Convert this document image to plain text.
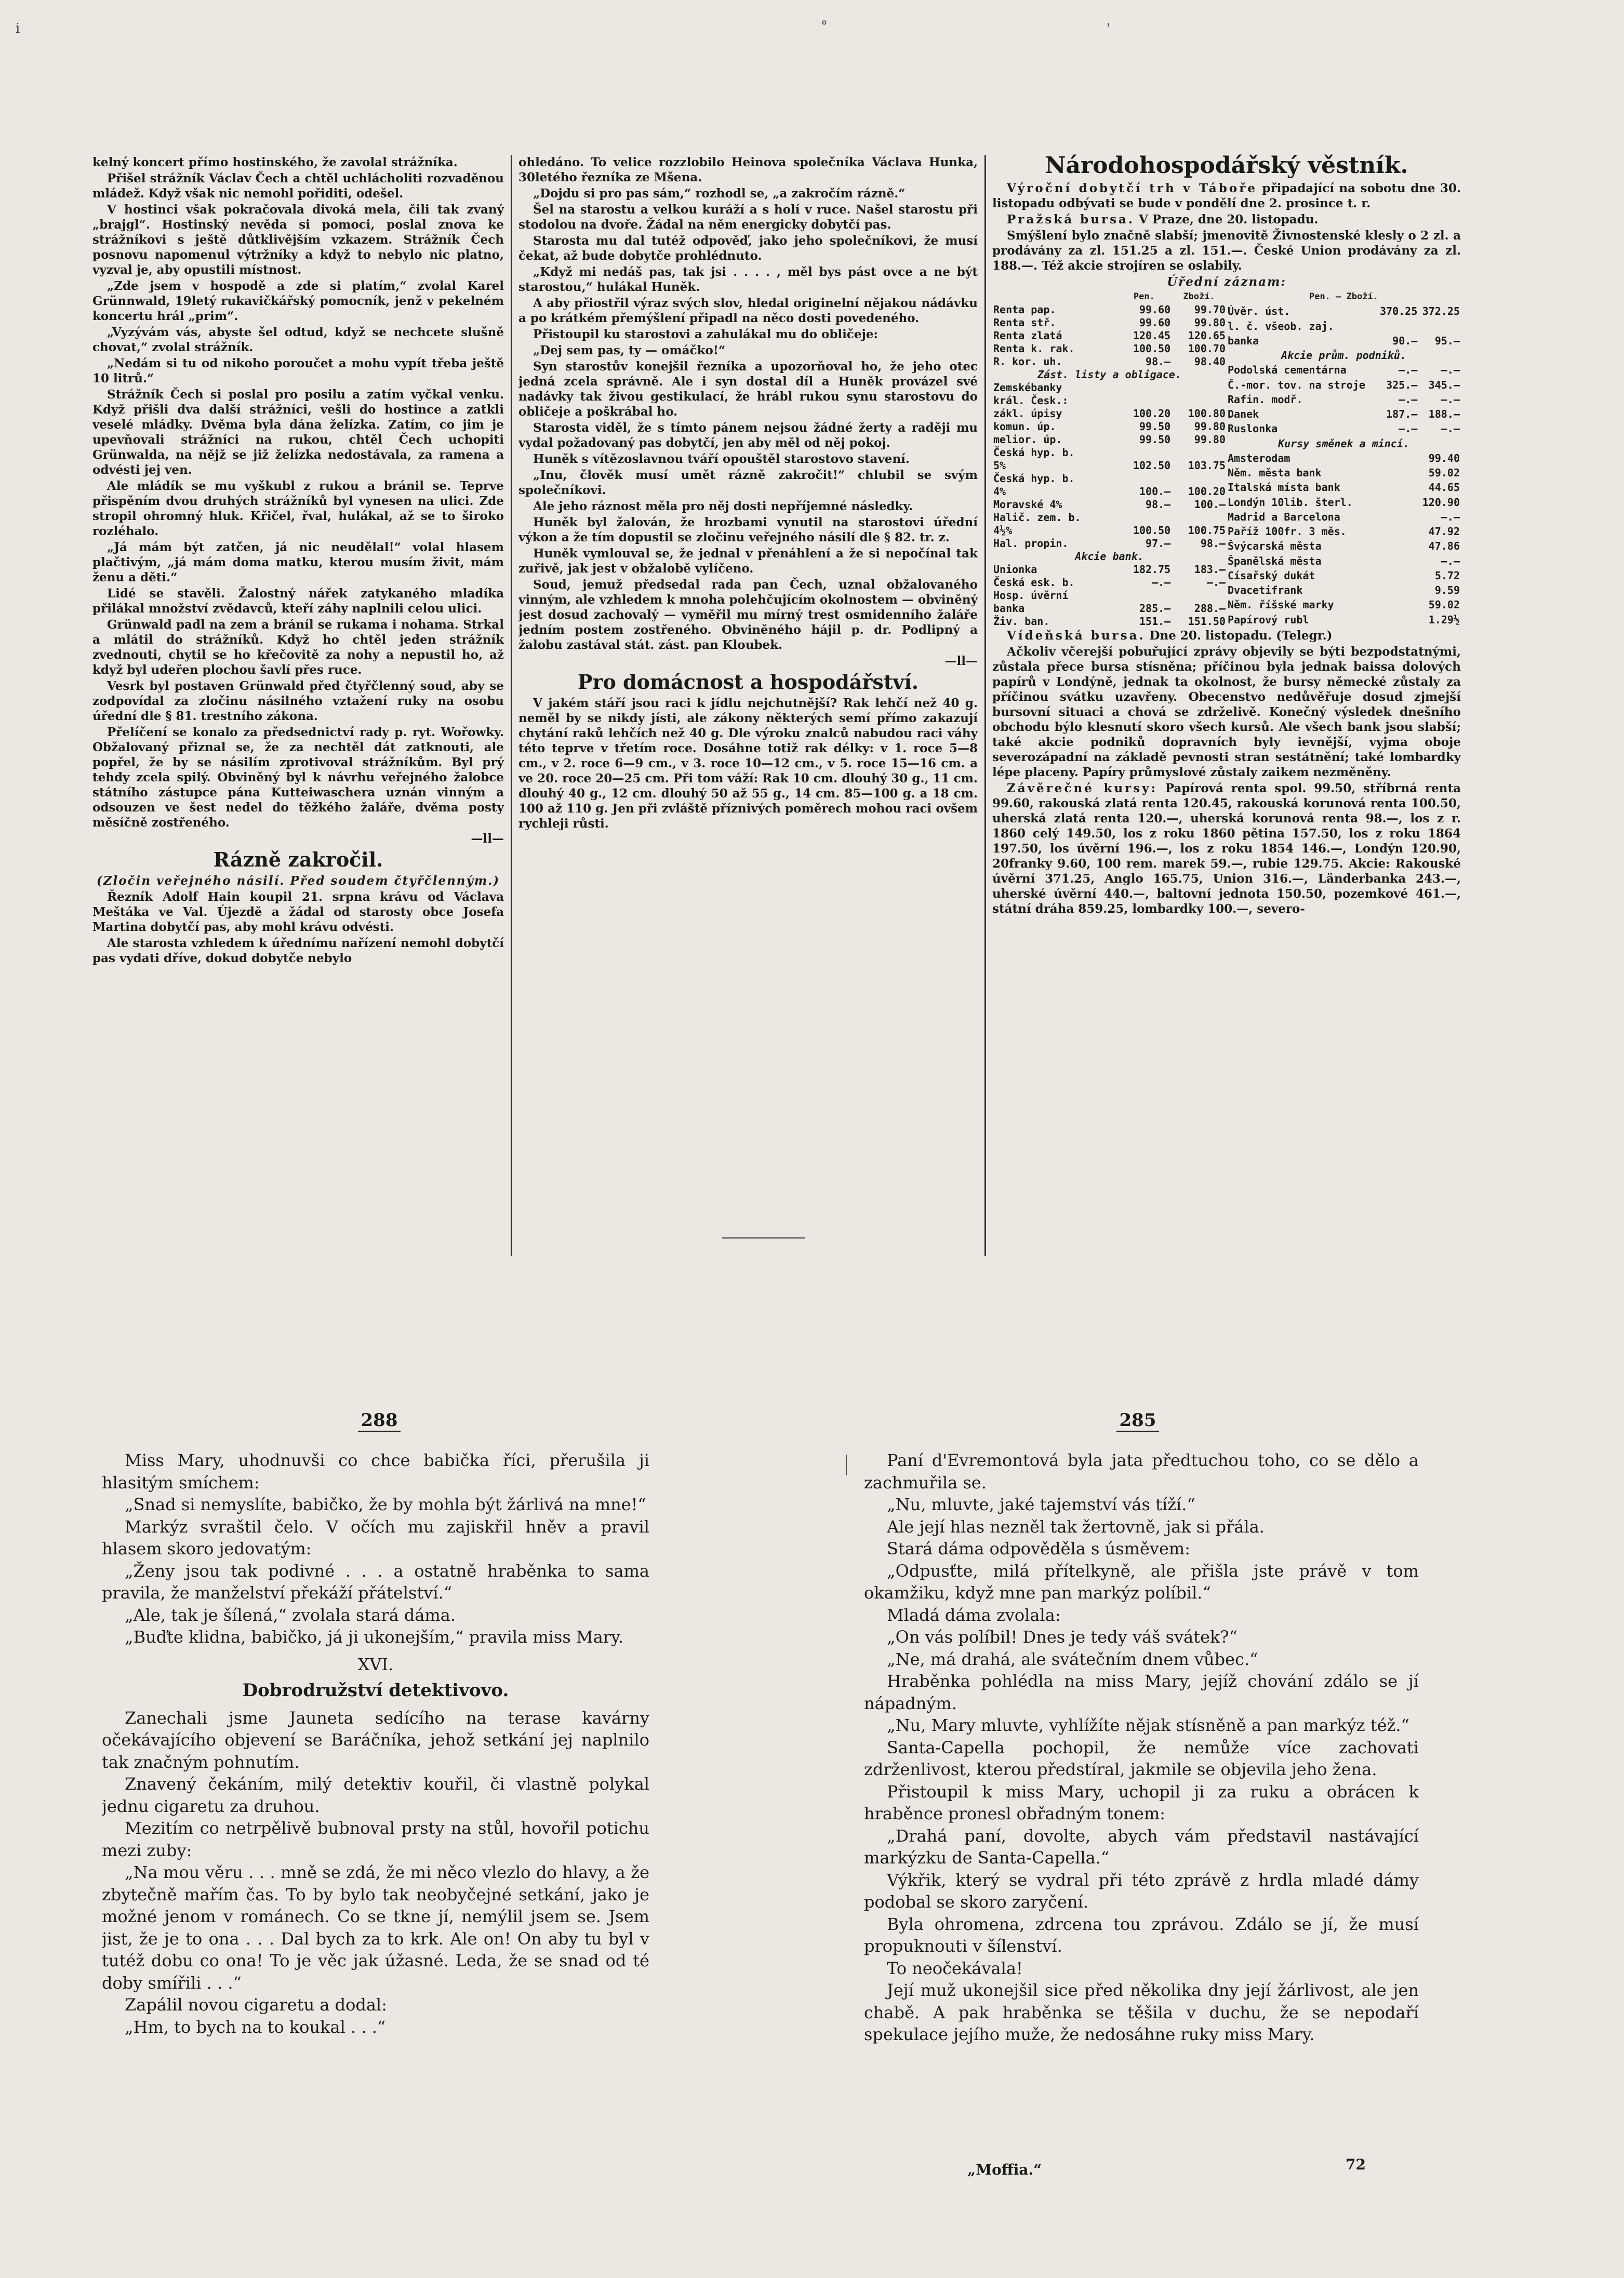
i	°	'

kelný koncert přímo hostinského, že zavolal strážníka.

Přišel strážník Václav Čech a chtěl uchlácholiti rozvaděnou mládež. Když však nic nemohl pořiditi, odešel.

V hostinci však pokračovala divoká mela, čili tak zvaný „brajgl“. Hostinský nevěda si pomoci, poslal znova ke strážníkovi s ještě důtklivějším vzkazem. Strážník Čech posnovu napomenul výtržníky a když to nebylo nic platno, vyzval je, aby opustili místnost.

„Zde jsem v hospodě a zde si platím,“ zvolal Karel Grünnwald, 19letý rukavičkářský pomocník, jenž v pekelném koncertu hrál „prim“.

„Vyzývám vás, abyste šel odtud, když se nechcete slušně chovat,“ zvolal strážník.

„Nedám si tu od nikoho poroučet a mohu vypít třeba ještě 10 litrů.“

Strážník Čech si poslal pro posilu a zatím vyčkal venku. Když přišli dva další strážníci, vešli do hostince a zatkli veselé mládky. Dvěma byla dána želízka. Zatím, co jim je upevňovali strážníci na rukou, chtěl Čech uchopiti Grünwalda, na nějž se již želízka nedostávala, za ramena a odvésti jej ven.

Ale mládík se mu vyškubl z rukou a bránil se. Teprve přispěním dvou druhých strážníků byl vynesen na ulici. Zde stropil ohromný hluk. Křičel, řval, hulákal, až se to široko rozléhalo.

„Já mám být zatčen, já nic neudělal!“ volal hlasem plačtivým, „já mám doma matku, kterou musím živit, mám ženu a děti.“

Lidé se stavěli. Žalostný nářek zatykaného mladíka přilákal množství zvědavců, kteří záhy naplnili celou ulici.

Grünwald padl na zem a bráníl se rukama i nohama. Strkal a mlátil do strážníků. Když ho chtěl jeden strážník zvednouti, chytil se ho křečovitě za nohy a nepustil ho, až když byl udeřen plochou šavlí přes ruce.

Vesrk byl postaven Grünwald před čtyřčlenný soud, aby se zodpovídal za zločinu násilného vztažení ruky na osobu úřední dle § 81. trestního zákona.

Přelíčení se konalo za předsednictví rady p. ryt. Wořowky. Obžalovaný přiznal se, že za nechtěl dát zatknouti, ale popřel, že by se násilím zprotivoval strážníkům. Byl prý tehdy zcela spilý. Obviněný byl k návrhu veřejného žalobce státního zástupce pána Kutteiwaschera uznán vinným a odsouzen ve šest nedel do těžkého žaláře, dvěma posty měsíčně zostřeného.

—ll—

Rázně zakročil.

(Zločin veřejného násilí. Před soudem čtyřčlenným.)

Řezník Adolf Hain koupil 21. srpna krávu od Václava Meštáka ve Val. Újezdě a žádal od starosty obce Josefa Martina dobytčí pas, aby mohl krávu odvésti.

Ale starosta vzhledem k úřednímu nařízení nemohl dobytčí pas vydati dříve, dokud dobytče nebylo

ohledáno. To velice rozzlobilo Heinova společníka Václava Hunka, 30letého řezníka ze Mšena.

„Dojdu si pro pas sám,“ rozhodl se, „a zakročím rázně.“

Šel na starostu a velkou kuráží a s holí v ruce. Našel starostu při stodolou na dvoře. Žádal na něm energicky dobytčí pas.

Starosta mu dal tutéž odpověď, jako jeho společníkovi, že musí čekat, až bude dobytče prohlédnuto.

„Když mi nedáš pas, tak jsi . . . . , měl bys pást ovce a ne být starostou,“ hulákal Huněk.

A aby přiostřil výraz svých slov, hledal originelní nějakou nádávku a po krátkém přemýšlení připadl na něco dosti povedeného.

Přistoupil ku starostovi a zahulákal mu do obličeje:

„Dej sem pas, ty — omáčko!“

Syn starostův konejšil řezníka a upozorňoval ho, že jeho otec jedná zcela správně. Ale i syn dostal díl a Huněk provázel své nadávky tak živou gestikulací, že hrábl rukou synu starostovu do obličeje a poškrábal ho.

Starosta viděl, že s tímto pánem nejsou žádné žerty a raději mu vydal požadovaný pas dobytčí, jen aby měl od něj pokoj.

Huněk s vítězoslavnou tváří opouštěl starostovo stavení.

„Inu, člověk musí umět rázně zakročit!“ chlubil se svým společníkovi.

Ale jeho ráznost měla pro něj dosti nepříjemné následky.

Huněk byl žalován, že hrozbami vynutil na starostovi úřední výkon a že tím dopustil se zločinu veřejného násilí dle § 82. tr. z.

Huněk vymlouval se, že jednal v přenáhlení a že si nepočínal tak zuřivě, jak jest v obžalobě vylíčeno.

Soud, jemuž předsedal rada pan Čech, uznal obžalovaného vinným, ale vzhledem k mnoha polehčujícím okolnostem — obviněný jest dosud zachovalý — vyměřil mu mírný trest osmidenního žaláře jedním postem zostřeného. Obviněného hájil p. dr. Podlipný a žalobu zastával stát. zást. pan Kloubek.

—ll—

Pro domácnost a hospodářství.

V jakém stáří jsou raci k jídlu nejchutnější? Rak lehčí než 40 g. neměl by se nikdy jísti, ale zákony některých semí přímo zakazují chytání raků lehčích než 40 g. Dle výroku znalců nabudou raci váhy této teprve v třetím roce. Dosáhne totiž rak délky: v 1. roce 5—8 cm., v 2. roce 6—9 cm., v 3. roce 10—12 cm., v 5. roce 15—16 cm. a ve 20. roce 20—25 cm. Při tom váží: Rak 10 cm. dlouhý 30 g., 11 cm. dlouhý 40 g., 12 cm. dlouhý 50 až 55 g., 14 cm. 85—100 g. a 18 cm. 100 až 110 g. Jen při zvláště příznivých poměrech mohou raci ovšem rychleji růsti.

Národohospodářský věstník.

Výroční dobytčí trh v Táboře připadající na sobotu dne 30. listopadu odbývati se bude v pondělí dne 2. prosince t. r.

Pražská bursa. V Praze, dne 20. listopadu.

Smýšlení bylo značně slabší; jmenovitě Živnostenské klesly o 2 zl. a prodávány za zl. 151.25 a zl. 151.—. České Union prodávány za zl. 188.—. Též akcie strojíren se oslabily.

Úřední záznam:

	Pen.	Zboží.
Renta pap.	99.60	99.70
Renta stř.	99.60	99.80
Renta zlatá	120.45	120.65
Renta k. rak.	100.50	100.70
R. kor. uh.	98.—	98.40
Zást. listy a obligace.		
Zemskébanky		
král. Česk.:		
zákl. úpisy	100.20	100.80
komun. úp.	99.50	99.80
melior. úp.	99.50	99.80
Česká hyp. b.		
5%	102.50	103.75
Česká hyp. b.		
4%	100.—	100.20
Moravské 4%	98.—	100.—
Halič. zem. b.		
4½%	100.50	100.75
Hal. propin.	97.—	98.—
Akcie bank.		
Unionka	182.75	183.—
Česká esk. b.	—.—	—.—
Hosp. úvěrní		
banka	285.—	288.—
Živ. ban.	151.—	151.50
Pen. — Zboží.		
Úvěr. úst.	370.25	372.25
l. č. všeob. zaj.		
banka	90.—	95.—
Akcie prům. podniků.		
Podolská cementárna	—.—	—.—
Č.-mor. tov. na stroje	325.—	345.—
Rafin. modř.	—.—	—.—
Danek	187.—	188.—
Ruslonka	—.—	—.—
Kursy směnek a mincí.		
Amsterodam		99.40
Něm. města bank		59.02
Italská místa bank		44.65
Londýn 10lib. šterl.		120.90
Madrid a Barcelona		—.—
Paříž 100fr. 3 měs.		47.92
Švýcarská města		47.86
Španělská města		—.—
Císařský dukát		5.72
Dvacetifrank		9.59
Něm. říšské marky		59.02
Papírový rubl		1.29½

Vídeňská bursa. Dne 20. listopadu. (Telegr.)

Ačkoliv včerejší pobuřující zprávy objevily se býti bezpodstatnými, zůstala přece bursa stísněna; příčinou byla jednak baissa dolových papírů v Londýně, jednak ta okolnost, že bursy německé zůstaly za příčinou svátku uzavřeny. Obecenstvo nedůvěřuje dosud zjmejší bursovní situaci a chová se zdrželivě. Konečný výsledek dnešního obchodu býlo klesnutí skoro všech kursů. Ale všech bank jsou slabší; také akcie podniků dopravních byly ievnější, vyjma oboje severozápadní na základě pevnosti stran sestátnění; také lombardky lépe placeny. Papíry průmyslové zůstaly zaikem nezměněny.

Závěrečné kursy: Papírová renta spol. 99.50, stříbrná renta 99.60, rakouská zlatá renta 120.45, rakouská korunová renta 100.50, uherská zlatá renta 120.—, uherská korunová renta 98.—, los z r. 1860 celý 149.50, los z roku 1860 pětina 157.50, los z roku 1864 197.50, los úvěrní 196.—, los z roku 1854 146.—, Londýn 120.90, 20franky 9.60, 100 rem. marek 59.—, rubie 129.75. Akcie: Rakouské úvěrní 371.25, Anglo 165.75, Union 316.—, Länderbanka 243.—, uherské úvěrní 440.—, baltovní jednota 150.50, pozemkové 461.—, státní dráha 859.25, lombardky 100.—, severo-

288	285

Miss Mary, uhodnuvši co chce babička říci, přerušila ji hlasitým smíchem:

„Snad si nemyslíte, babičko, že by mohla být žárlivá na mne!“

Markýz svraštil čelo. V očích mu zajiskřil hněv a pravil hlasem skoro jedovatým:

„Ženy jsou tak podivné . . . a ostatně hraběnka to sama pravila, že manželství překáží přátelství.“

„Ale, tak je šílená,“ zvolala stará dáma.

„Buďte klidna, babičko, já ji ukonejším,“ pravila miss Mary.

XVI.

Dobrodružství detektivovo.

Zanechali jsme Jauneta sedícího na terase kavárny očekávajícího objevení se Baráčníka, jehož setkání jej naplnilo tak značným pohnutím.

Znavený čekáním, milý detektiv kouřil, či vlastně polykal jednu cigaretu za druhou.

Mezitím co netrpělivě bubnoval prsty na stůl, hovořil potichu mezi zuby:

„Na mou věru . . . mně se zdá, že mi něco vlezlo do hlavy, a že zbytečně mařím čas. To by bylo tak neobyčejné setkání, jako je možné jenom v románech. Co se tkne jí, nemýlil jsem se. Jsem jist, že je to ona . . . Dal bych za to krk. Ale on! On aby tu byl v tutéž dobu co ona! To je věc jak úžasné. Leda, že se snad od té doby smířili . . .“

Zapálil novou cigaretu a dodal:

„Hm, to bych na to koukal . . .“

Paní d'Evremontová byla jata předtuchou toho, co se dělo a zachmuřila se.

„Nu, mluvte, jaké tajemství vás tíží.“

Ale její hlas nezněl tak žertovně, jak si přála.

Stará dáma odpověděla s úsměvem:

„Odpusťte, milá přítelkyně, ale přišla jste právě v tom okamžiku, když mne pan markýz políbil.“

Mladá dáma zvolala:

„On vás políbil! Dnes je tedy váš svátek?“

„Ne, má drahá, ale svátečním dnem vůbec.“

Hraběnka pohlédla na miss Mary, jejíž chování zdálo se jí nápadným.

„Nu, Mary mluvte, vyhlížíte nějak stísněně a pan markýz též.“

Santa-Capella pochopil, že nemůže více zachovati zdrženlivost, kterou předstíral, jakmile se objevila jeho žena.

Přistoupil k miss Mary, uchopil ji za ruku a obrácen k hraběnce pronesl obřadným tonem:

„Drahá paní, dovolte, abych vám představil nastávající markýzku de Santa-Capella.“

Výkřik, který se vydral při této zprávě z hrdla mladé dámy podobal se skoro zaryčení.

Byla ohromena, zdrcena tou zprávou. Zdálo se jí, že musí propuknouti v šílenství.

To neočekávala!

Její muž ukonejšil sice před několika dny její žárlivost, ale jen chabě. A pak hraběnka se těšila v duchu, že se nepodaří spekulace jejího muže, že nedosáhne ruky miss Mary.

„Moffia.“	72
